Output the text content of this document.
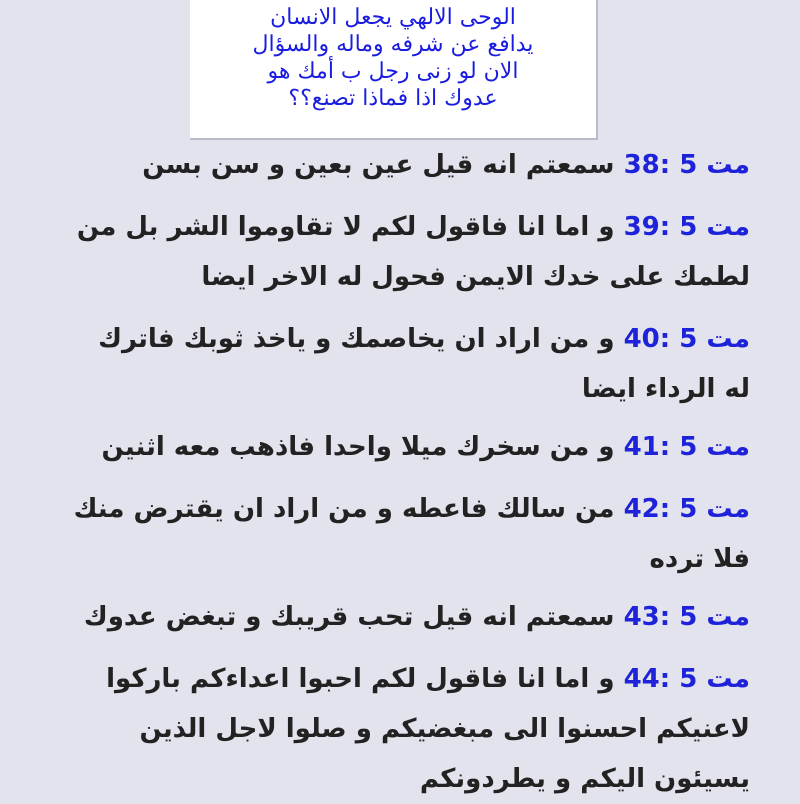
الوحى الالهي يجعل الانسان
يدافع عن شرفه وماله والسؤال
الان لو زنى رجل ب أمك هو
عدوك اذا فماذا تصنع؟؟
مت 5 :38 سمعتم انه قيل عين بعين و سن بسن
مت 5 :39 و اما انا فاقول لكم لا تقاوموا الشر بل من
لطمك على خدك الايمن فحول له الاخر ايضا
مت 5 :40 و من اراد ان يخاصمك و ياخذ ثوبك فاترك
له الرداء ايضا
مت 5 :41 و من سخرك ميلا واحدا فاذهب معه اثنين
مت 5 :42 من سالك فاعطه و من اراد ان يقترض منك
فلا ترده
مت 5 :43 سمعتم انه قيل تحب قريبك و تبغض عدوك
مت 5 :44 و اما انا فاقول لكم احبوا اعداءكم باركوا
لاعنيكم احسنوا الى مبغضيكم و صلوا لاجل الذين
يسيئون اليكم و يطردونكم
